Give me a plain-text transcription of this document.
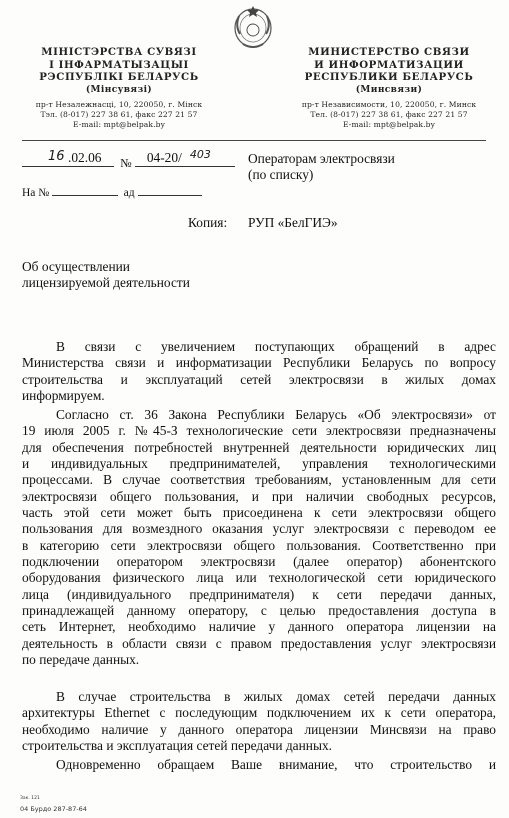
МІНІСТЭРСТВА СУВЯЗІ
І ІНФАРМАТЫЗАЦЫІ
РЭСПУБЛІКІ БЕЛАРУСЬ
(Мінсувязі)
пр-т Незалежнасці, 10, 220050, г. Мінск
Тэл. (8-017) 227 38 61, факс 227 21 57
E-mail: mpt@belpak.by
МИНИСТЕРСТВО СВЯЗИ
И ИНФОРМАТИЗАЦИИ
РЕСПУБЛИКИ БЕЛАРУСЬ
(Минсвязи)
пр-т Независимости, 10, 220050, г. Минск
Тел. (8-017) 227 38 61, факс 227 21 57
E-mail: mpt@belpak.by
16 .02.06 № 04-20/ 403
На №	ад
Операторам электросвязи
(по списку)
Копия: РУП «БелГИЭ»
Об осуществлении
лицензируемой деятельности
В связи с увеличением поступающих обращений в адрес
Министерства связи и информатизации Республики Беларусь по вопросу
строительства и эксплуатаций сетей электросвязи в жилых домах
информируем.
Согласно ст. 36 Закона Республики Беларусь «Об электросвязи» от
19 июля 2005 г. №45-З технологические сети электросвязи предназначены
для обеспечения потребностей внутренней деятельности юридических лиц
и индивидуальных предпринимателей, управления технологическими
процессами. В случае соответствия требованиям, установленным для сети
электросвязи общего пользования, и при наличии свободных ресурсов,
часть этой сети может быть присоединена к сети электросвязи общего
пользования для возмездного оказания услуг электросвязи с переводом ее
в категорию сети электросвязи общего пользования. Соответственно при
подключении оператором электросвязи (далее оператор) абонентского
оборудования физического лица или технологической сети юридического
лица (индивидуального предпринимателя) к сети передачи данных,
принадлежащей данному оператору, с целью предоставления доступа в
сеть Интернет, необходимо наличие у данного оператора лицензии на
деятельность в области связи с правом предоставления услуг электросвязи
по передаче данных.
В случае строительства в жилых домах сетей передачи данных
архитектуры Ethernet с последующим подключением их к сети оператора,
необходимо наличие у данного оператора лицензии Минсвязи на право
строительства и эксплуатация сетей передачи данных.
Одновременно обращаем Ваше внимание, что строительство и
Зак. 121
04 Бурдо 287-87-64
